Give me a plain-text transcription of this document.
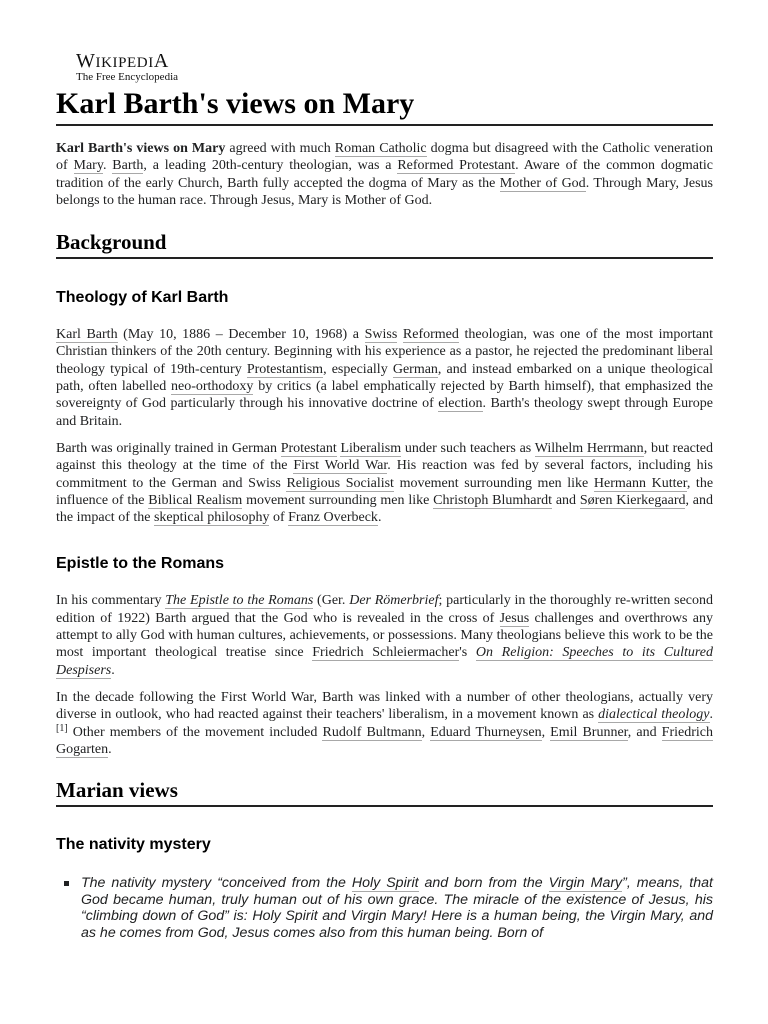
WIKIPEDIA
The Free Encyclopedia
Karl Barth's views on Mary

Karl Barth's views on Mary agreed with much Roman Catholic dogma but disagreed with the Catholic veneration of Mary. Barth, a leading 20th-century theologian, was a Reformed Protestant. Aware of the common dogmatic tradition of the early Church, Barth fully accepted the dogma of Mary as the Mother of God. Through Mary, Jesus belongs to the human race. Through Jesus, Mary is Mother of God.

Background
Theology of Karl Barth

Karl Barth (May 10, 1886 – December 10, 1968) a Swiss Reformed theologian, was one of the most important Christian thinkers of the 20th century. Beginning with his experience as a pastor, he rejected the predominant liberal theology typical of 19th-century Protestantism, especially German, and instead embarked on a unique theological path, often labelled neo-orthodoxy by critics (a label emphatically rejected by Barth himself), that emphasized the sovereignty of God particularly through his innovative doctrine of election. Barth's theology swept through Europe and Britain.

Barth was originally trained in German Protestant Liberalism under such teachers as Wilhelm Herrmann, but reacted against this theology at the time of the First World War. His reaction was fed by several factors, including his commitment to the German and Swiss Religious Socialist movement surrounding men like Hermann Kutter, the influence of the Biblical Realism movement surrounding men like Christoph Blumhardt and Søren Kierkegaard, and the impact of the skeptical philosophy of Franz Overbeck.

Epistle to the Romans

In his commentary The Epistle to the Romans (Ger. Der Römerbrief; particularly in the thoroughly re-written second edition of 1922) Barth argued that the God who is revealed in the cross of Jesus challenges and overthrows any attempt to ally God with human cultures, achievements, or possessions. Many theologians believe this work to be the most important theological treatise since Friedrich Schleiermacher's On Religion: Speeches to its Cultured Despisers.

In the decade following the First World War, Barth was linked with a number of other theologians, actually very diverse in outlook, who had reacted against their teachers' liberalism, in a movement known as dialectical theology.[1] Other members of the movement included Rudolf Bultmann, Eduard Thurneysen, Emil Brunner, and Friedrich Gogarten.

Marian views
The nativity mystery
The nativity mystery “conceived from the Holy Spirit and born from the Virgin Mary”, means, that God became human, truly human out of his own grace. The miracle of the existence of Jesus, his “climbing down of God” is: Holy Spirit and Virgin Mary! Here is a human being, the Virgin Mary, and as he comes from God, Jesus comes also from this human being. Born of
